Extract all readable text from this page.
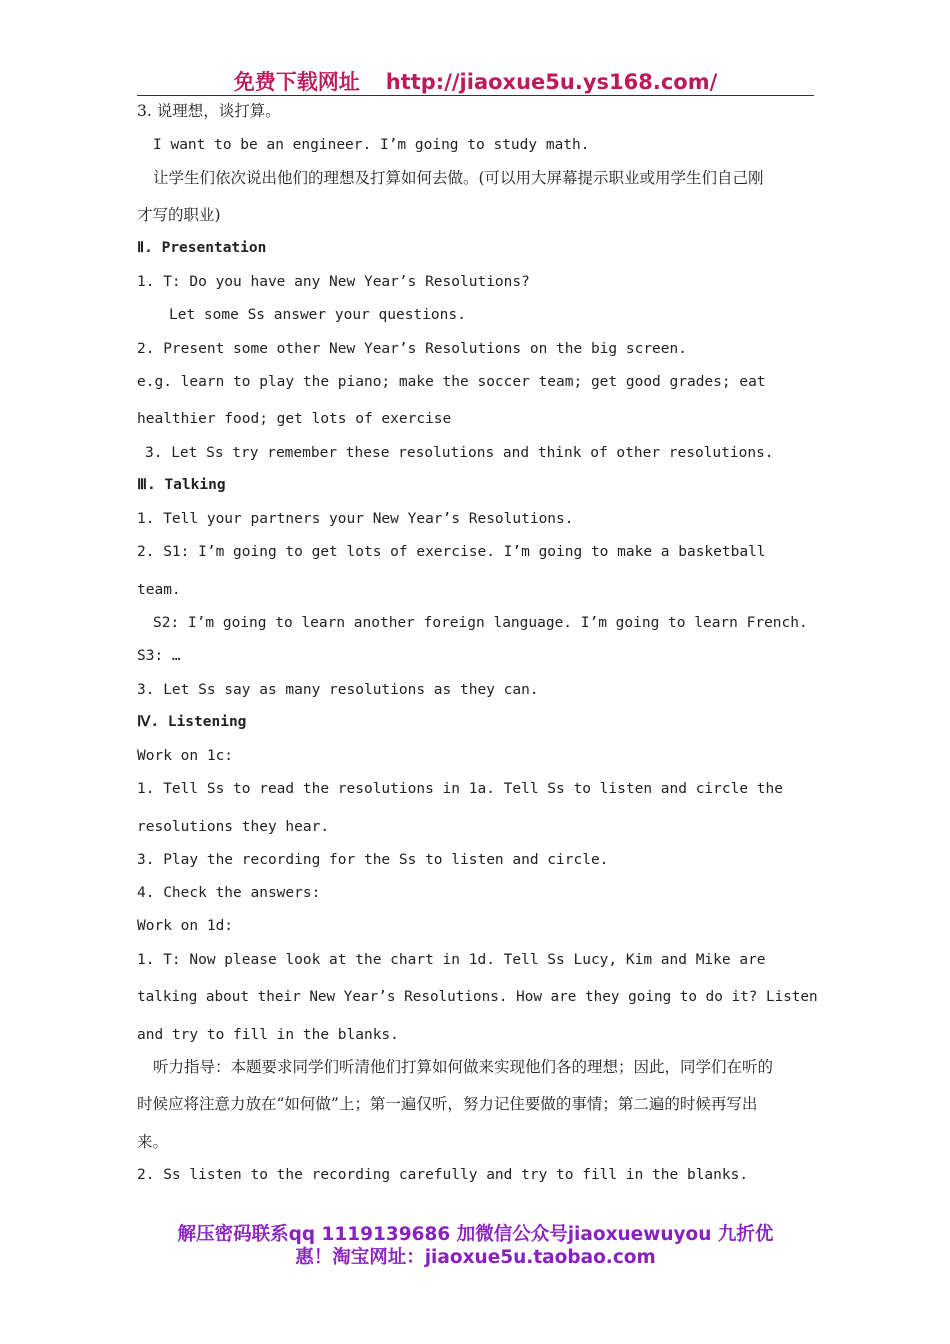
免费下载网址 http://jiaoxue5u.ys168.com/
3. 说理想，谈打算。
I want to be an engineer. I’m going to study math.
让学生们依次说出他们的理想及打算如何去做。(可以用大屏幕提示职业或用学生们自己刚
才写的职业)
Ⅱ. Presentation
1. T: Do you have any New Year’s Resolutions?
Let some Ss answer your questions.
2. Present some other New Year’s Resolutions on the big screen.
e.g. learn to play the piano; make the soccer team; get good grades; eat
healthier food; get lots of exercise
3. Let Ss try remember these resolutions and think of other resolutions.
Ⅲ. Talking
1. Tell your partners your New Year’s Resolutions.
2. S1: I’m going to get lots of exercise. I’m going to make a basketball
team.
S2: I’m going to learn another foreign language. I’m going to learn French.
S3: …
3. Let Ss say as many resolutions as they can.
Ⅳ. Listening
Work on 1c:
1. Tell Ss to read the resolutions in 1a. Tell Ss to listen and circle the
resolutions they hear.
3. Play the recording for the Ss to listen and circle.
4. Check the answers:
Work on 1d:
1. T: Now please look at the chart in 1d. Tell Ss Lucy, Kim and Mike are
talking about their New Year’s Resolutions. How are they going to do it? Listen
and try to fill in the blanks.
听力指导：本题要求同学们听清他们打算如何做来实现他们各的理想；因此，同学们在听的
时候应将注意力放在“如何做”上；第一遍仅听，努力记住要做的事情；第二遍的时候再写出
来。
2. Ss listen to the recording carefully and try to fill in the blanks.
解压密码联系qq 1119139686 加微信公众号jiaoxuewuyou 九折优
惠！淘宝网址：jiaoxue5u.taobao.com
